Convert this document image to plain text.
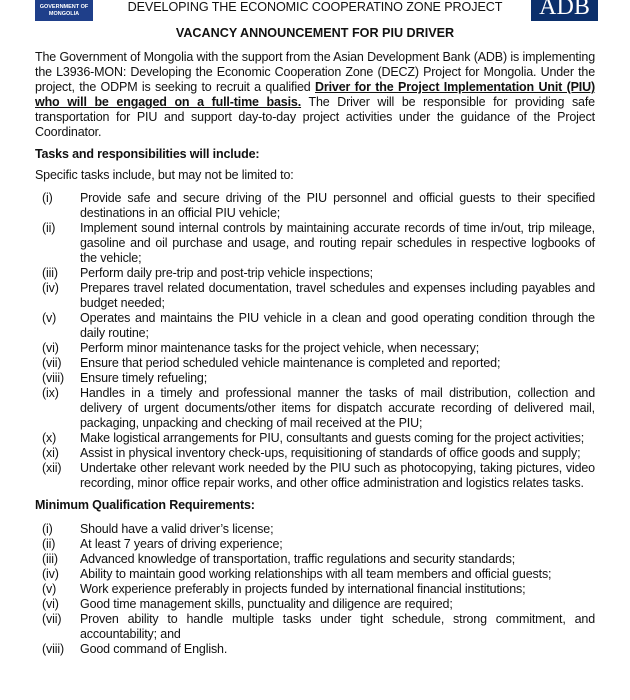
GOVERNMENT OF
MONGOLIA	DEVELOPING THE ECONOMIC COOPERATINO ZONE PROJECT	ADB
VACANCY ANNOUNCEMENT FOR PIU DRIVER

The Government of Mongolia with the support from the Asian Development Bank (ADB) is implementing the L3936-MON: Developing the Economic Cooperation Zone (DECZ) Project for Mongolia. Under the project, the ODPM is seeking to recruit a qualified Driver for the Project Implementation Unit (PIU) who will be engaged on a full-time basis. The Driver will be responsible for providing safe transportation for PIU and support day-to-day project activities under the guidance of the Project Coordinator.

Tasks and responsibilities will include:
Specific tasks include, but may not be limited to:
(i)	Provide safe and secure driving of the PIU personnel and official guests to their specified destinations in an official PIU vehicle;
(ii)	Implement sound internal controls by maintaining accurate records of time in/out, trip mileage, gasoline and oil purchase and usage, and routing repair schedules in respective logbooks of the vehicle;
(iii)	Perform daily pre-trip and post-trip vehicle inspections;
(iv)	Prepares travel related documentation, travel schedules and expenses including payables and budget needed;
(v)	Operates and maintains the PIU vehicle in a clean and good operating condition through the daily routine;
(vi)	Perform minor maintenance tasks for the project vehicle, when necessary;
(vii)	Ensure that period scheduled vehicle maintenance is completed and reported;
(viii)	Ensure timely refueling;
(ix)	Handles in a timely and professional manner the tasks of mail distribution, collection and delivery of urgent documents/other items for dispatch accurate recording of delivered mail, packaging, unpacking and checking of mail received at the PIU;
(x)	Make logistical arrangements for PIU, consultants and guests coming for the project activities;
(xi)	Assist in physical inventory check-ups, requisitioning of standards of office goods and supply;
(xii)	Undertake other relevant work needed by the PIU such as photocopying, taking pictures, video recording, minor office repair works, and other office administration and logistics relates tasks.
Minimum Qualification Requirements:
(i)	Should have a valid driver’s license;
(ii)	At least 7 years of driving experience;
(iii)	Advanced knowledge of transportation, traffic regulations and security standards;
(iv)	Ability to maintain good working relationships with all team members and official guests;
(v)	Work experience preferably in projects funded by international financial institutions;
(vi)	Good time management skills, punctuality and diligence are required;
(vii)	Proven ability to handle multiple tasks under tight schedule, strong commitment, and accountability; and
(viii)	Good command of English.
